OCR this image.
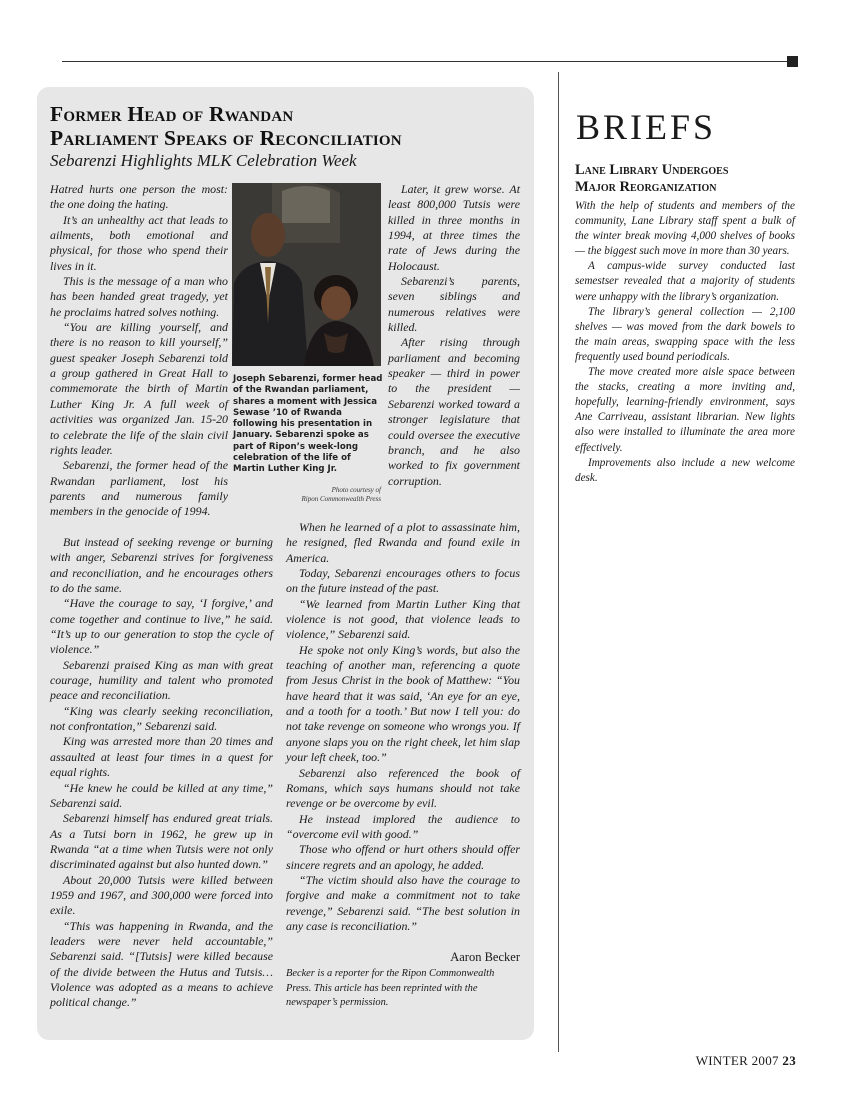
Former Head of Rwandan
Parliament Speaks of Reconciliation
Sebarenzi Highlights MLK Celebration Week

Hatred hurts one person the most: the one doing the hating.

It’s an unhealthy act that leads to ailments, both emotional and physical, for those who spend their lives in it.

This is the message of a man who has been handed great tragedy, yet he proclaims hatred solves nothing.

“You are killing yourself, and there is no reason to kill yourself,” guest speaker Joseph Sebarenzi told a group gathered in Great Hall to commemorate the birth of Martin Luther King Jr. A full week of activities was organized Jan. 15-20 to celebrate the life of the slain civil rights leader.

Sebarenzi, the former head of the Rwandan parliament, lost his parents and numerous family members in the genocide of 1994.

But instead of seeking revenge or burning with anger, Sebarenzi strives for forgiveness and reconciliation, and he encourages others to do the same.

“Have the courage to say, ‘I forgive,’ and come together and continue to live,” he said. “It’s up to our generation to stop the cycle of violence.”

Sebarenzi praised King as man with great courage, humility and talent who promoted peace and reconciliation.

“King was clearly seeking reconciliation, not confrontation,” Sebarenzi said.

King was arrested more than 20 times and assaulted at least four times in a quest for equal rights.

“He knew he could be killed at any time,” Sebarenzi said.

Sebarenzi himself has endured great trials. As a Tutsi born in 1962, he grew up in Rwanda “at a time when Tutsis were not only discriminated against but also hunted down.”

About 20,000 Tutsis were killed between 1959 and 1967, and 300,000 were forced into exile.

“This was happening in Rwanda, and the leaders were never held accountable,” Sebarenzi said. “[Tutsis] were killed because of the divide between the Hutus and Tutsis… Violence was adopted as a means to achieve political change.”

Joseph Sebarenzi, former head of the Rwandan parliament, shares a moment with Jessica Sewase ’10 of Rwanda following his presentation in January. Sebarenzi spoke as part of Ripon’s week-long celebration of the life of Martin Luther King Jr.
Photo courtesy of
Ripon Commonwealth Press

Later, it grew worse. At least 800,000 Tutsis were killed in three months in 1994, at three times the rate of Jews during the Holocaust.

Sebarenzi’s parents, seven siblings and numerous relatives were killed.

After rising through parliament and becoming speaker — third in power to the president — Sebarenzi worked toward a stronger legislature that could oversee the executive branch, and he also worked to fix government corruption.

When he learned of a plot to assassinate him, he resigned, fled Rwanda and found exile in America.

Today, Sebarenzi encourages others to focus on the future instead of the past.

“We learned from Martin Luther King that violence is not good, that violence leads to violence,” Sebarenzi said.

He spoke not only King’s words, but also the teaching of another man, referencing a quote from Jesus Christ in the book of Matthew: “You have heard that it was said, ‘An eye for an eye, and a tooth for a tooth.’ But now I tell you: do not take revenge on someone who wrongs you. If anyone slaps you on the right cheek, let him slap your left cheek, too.”

Sebarenzi also referenced the book of Romans, which says humans should not take revenge or be overcome by evil.

He instead implored the audience to “overcome evil with good.”

Those who offend or hurt others should offer sincere regrets and an apology, he added.

“The victim should also have the courage to forgive and make a commitment not to take revenge,” Sebarenzi said. “The best solution in any case is reconciliation.”

Aaron Becker
Becker is a reporter for the Ripon Commonwealth Press. This article has been reprinted with the newspaper’s permission.
BRIEFS
Lane Library Undergoes
Major Reorganization

With the help of students and members of the community, Lane Library staff spent a bulk of the winter break moving 4,000 shelves of books — the biggest such move in more than 30 years.

A campus-wide survey conducted last semestser revealed that a majority of students were unhappy with the library’s organization.

The library’s general collection — 2,100 shelves — was moved from the dark bowels to the main areas, swapping space with the less frequently used bound periodicals.

The move created more aisle space between the stacks, creating a more inviting and, hopefully, learning-friendly environment, says Ane Carriveau, assistant librarian. New lights also were installed to illuminate the area more effectively.

Improvements also include a new welcome desk.

WINTER 2007 23
